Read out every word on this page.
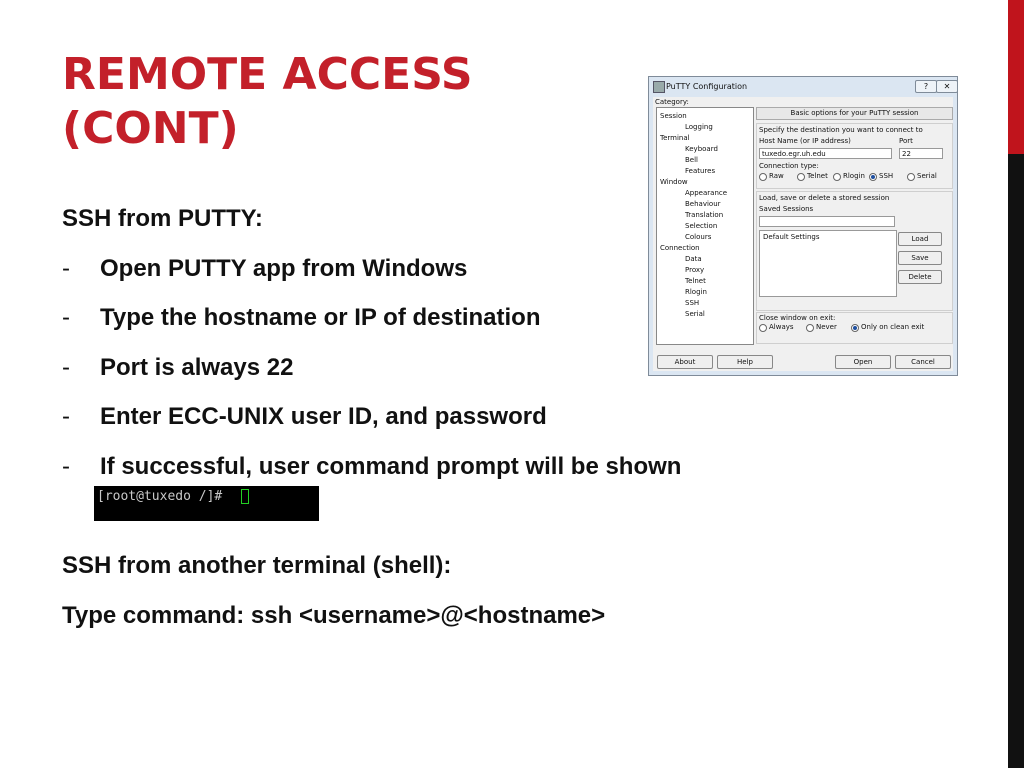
REMOTE ACCESS
(CONT)
SSH from PUTTY:
- Open PUTTY app from Windows
- Type the hostname or IP of destination
- Port is always 22
- Enter ECC-UNIX user ID, and password
- If successful, user command prompt will be shown
[root@tuxedo /]#
SSH from another terminal (shell):
Type command: ssh <username>@<hostname>
PuTTY Configuration	?	✕
Category:
Session
Logging
Terminal
Keyboard
Bell
Features
Window
Appearance
Behaviour
Translation
Selection
Colours
Connection
Data
Proxy
Telnet
Rlogin
SSH
Serial
Basic options for your PuTTY session
Specify the destination you want to connect to
Host Name (or IP address)	Port
tuxedo.egr.uh.edu	22
Connection type:
Raw	Telnet Rlogin SSH	Serial
Load, save or delete a stored session
Saved Sessions
Default Settings	Load
Save
Delete
Close window on exit:
Always	Never	Only on clean exit
About	Help	Open	Cancel
